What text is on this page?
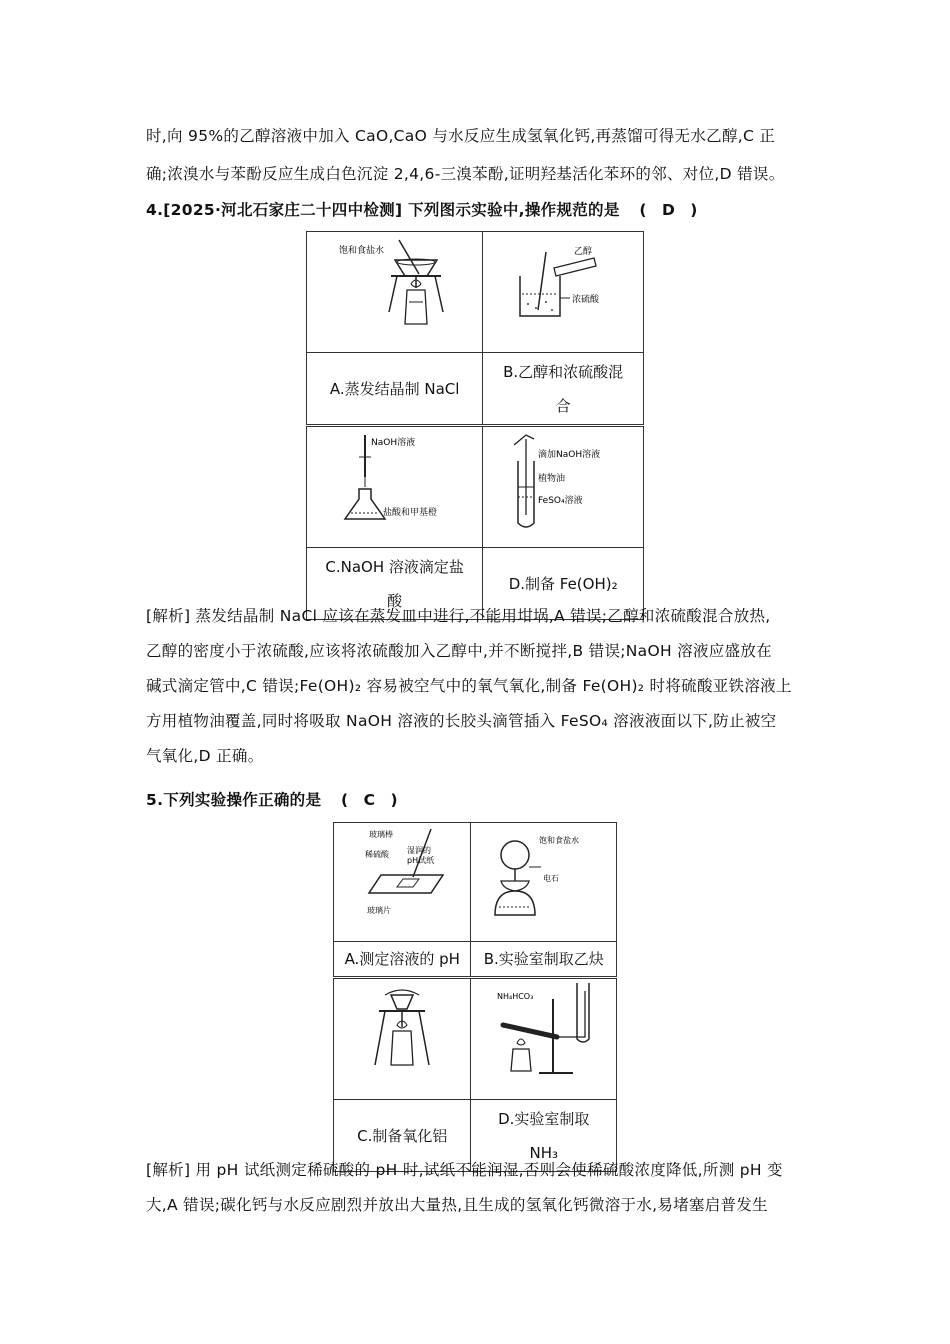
时,向 95%的乙醇溶液中加入 CaO,CaO 与水反应生成氢氧化钙,再蒸馏可得无水乙醇,C 正
确;浓溴水与苯酚反应生成白色沉淀 2,4,6-三溴苯酚,证明羟基活化苯环的邻、对位,D 错误。
4.[2025·河北石家庄二十四中检测] 下列图示实验中,操作规范的是 (　D　)
饱和食盐水	乙醇
浓硫酸

A.蒸发结晶制 NaCl	B.乙醇和浓硫酸混
合

NaOH溶液
盐酸和甲基橙	滴加NaOH溶液
植物油
FeSO₄溶液

C.NaOH 溶液滴定盐
酸	D.制备 Fe(OH)₂
[解析] 蒸发结晶制 NaCl 应该在蒸发皿中进行,不能用坩埚,A 错误;乙醇和浓硫酸混合放热,
乙醇的密度小于浓硫酸,应该将浓硫酸加入乙醇中,并不断搅拌,B 错误;NaOH 溶液应盛放在
碱式滴定管中,C 错误;Fe(OH)₂ 容易被空气中的氧气氧化,制备 Fe(OH)₂ 时将硫酸亚铁溶液上
方用植物油覆盖,同时将吸取 NaOH 溶液的长胶头滴管插入 FeSO₄ 溶液液面以下,防止被空
气氧化,D 正确。
5.下列实验操作正确的是 (　C　)
玻璃棒
稀硫酸 湿润的
pH试纸
玻璃片	饱和食盐水
电石

A.测定溶液的 pH	B.实验室制取乙炔

NH₄HCO₃

C.制备氧化铝	D.实验室制取
NH₃
[解析] 用 pH 试纸测定稀硫酸的 pH 时,试纸不能润湿,否则会使稀硫酸浓度降低,所测 pH 变
大,A 错误;碳化钙与水反应剧烈并放出大量热,且生成的氢氧化钙微溶于水,易堵塞启普发生
